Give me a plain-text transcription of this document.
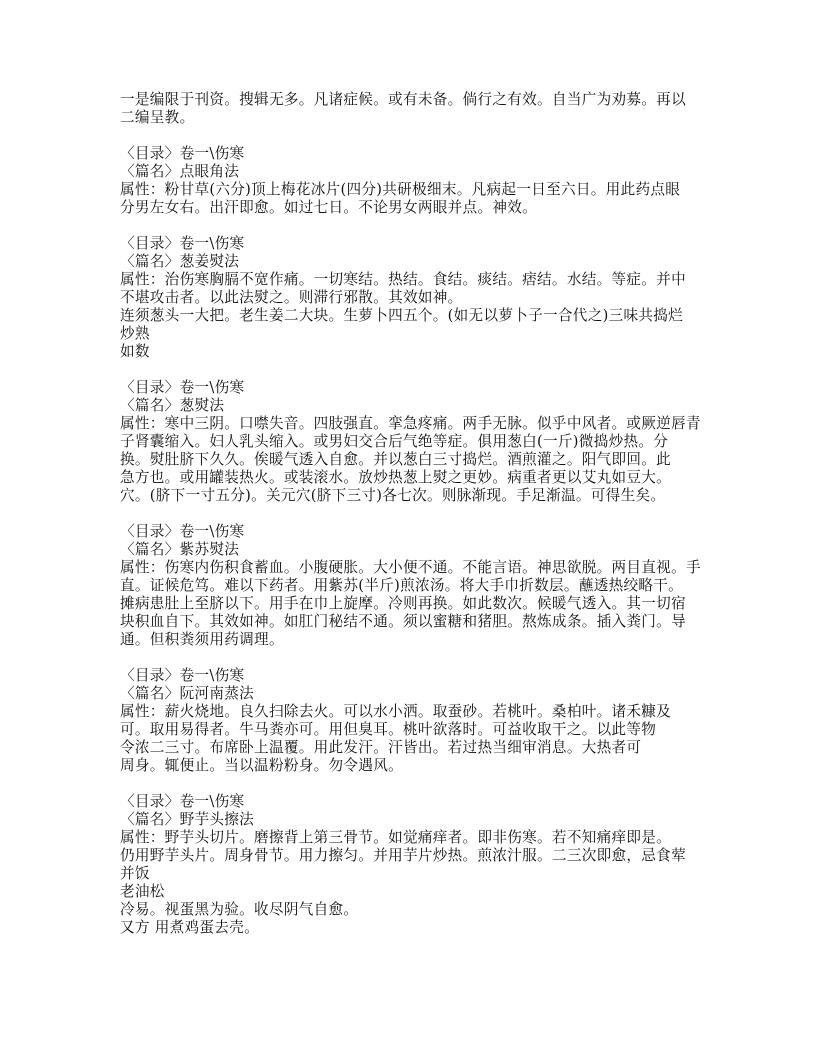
一是编限于刊资。搜辑无多。凡诸症候。或有未备。倘行之有效。自当广为劝募。再以
二编呈教。
〈目录〉卷一\伤寒
〈篇名〉点眼角法
属性：粉甘草(六分)顶上梅花冰片(四分)共研极细末。凡病起一日至六日。用此药点眼
分男左女右。出汗即愈。如过七日。不论男女两眼并点。神效。
〈目录〉卷一\伤寒
〈篇名〉葱姜熨法
属性：治伤寒胸膈不宽作痛。一切寒结。热结。食结。痰结。痞结。水结。等症。并中
不堪攻击者。以此法熨之。则滞行邪散。其效如神。
连须葱头一大把。老生姜二大块。生萝卜四五个。(如无以萝卜子一合代之)三味共捣烂
炒熟
如数
〈目录〉卷一\伤寒
〈篇名〉葱熨法
属性：寒中三阴。口噤失音。四肢强直。挛急疼痛。两手无脉。似乎中风者。或厥逆唇青
子肾囊缩入。妇人乳头缩入。或男妇交合后气绝等症。俱用葱白(一斤)微捣炒热。分
换。熨肚脐下久久。俟暖气透入自愈。并以葱白三寸捣烂。酒煎灌之。阳气即回。此
急方也。或用罐装热火。或装滚水。放炒热葱上熨之更妙。病重者更以艾丸如豆大。
穴。(脐下一寸五分)。关元穴(脐下三寸)各七次。则脉渐现。手足渐温。可得生矣。
〈目录〉卷一\伤寒
〈篇名〉紫苏熨法
属性：伤寒内伤积食蓄血。小腹硬胀。大小便不通。不能言语。神思欲脱。两目直视。手
直。证候危笃。难以下药者。用紫苏(半斤)煎浓汤。将大手巾折数层。蘸透热绞略干。
摊病患肚上至脐以下。用手在巾上旋摩。冷则再换。如此数次。候暖气透入。其一切宿
块积血自下。其效如神。如肛门秘结不通。须以蜜糖和猪胆。熬炼成条。插入粪门。导
通。但积粪须用药调理。
〈目录〉卷一\伤寒
〈篇名〉阮河南蒸法
属性：薪火烧地。良久扫除去火。可以水小洒。取蚕砂。若桃叶。桑柏叶。诸禾糠及
可。取用易得者。牛马粪亦可。用但臭耳。桃叶欲落时。可益收取干之。以此等物
令浓二三寸。布席卧上温覆。用此发汗。汗皆出。若过热当细审消息。大热者可
周身。辄便止。当以温粉粉身。勿令遇风。
〈目录〉卷一\伤寒
〈篇名〉野芋头擦法
属性：野芋头切片。磨擦背上第三骨节。如觉痛痒者。即非伤寒。若不知痛痒即是。
仍用野芋头片。周身骨节。用力擦匀。并用芋片炒热。煎浓汁服。二三次即愈，忌食荤
并饭
老油松
冷易。视蛋黑为验。收尽阴气自愈。
又方 用煮鸡蛋去壳。
